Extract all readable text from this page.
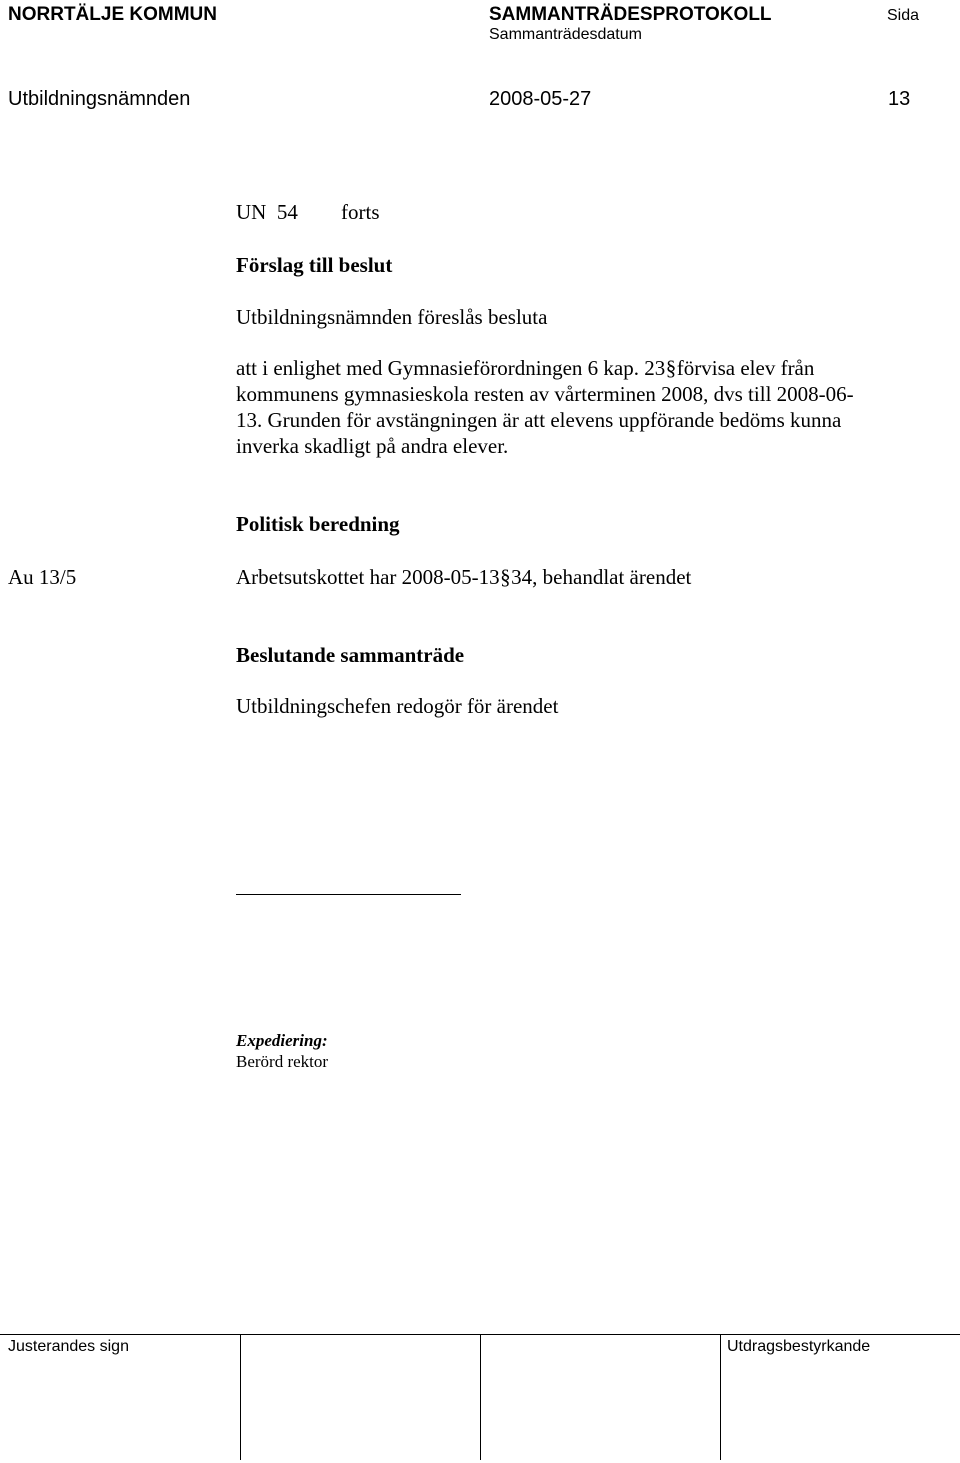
NORRTÄLJE KOMMUN	SAMMANTRÄDESPROTOKOLL
Sammanträdesdatum
Sida
Utbildningsnämnden	2008-05-27	13
UN  54 forts
Förslag till beslut
Utbildningsnämnden föreslås besluta
att i enlighet med Gymnasieförordningen 6 kap. 23§förvisa elev från kommunens gymnasieskola resten av vårterminen 2008, dvs till 2008-06-13. Grunden för avstängningen är att elevens uppförande bedöms kunna inverka skadligt på andra elever.
Politisk beredning
Au 13/5	Arbetsutskottet har 2008-05-13§34, behandlat ärendet
Beslutande sammanträde
Utbildningschefen redogör för ärendet
Expediering:
Berörd rektor
Justerandes sign	Utdragsbestyrkande
